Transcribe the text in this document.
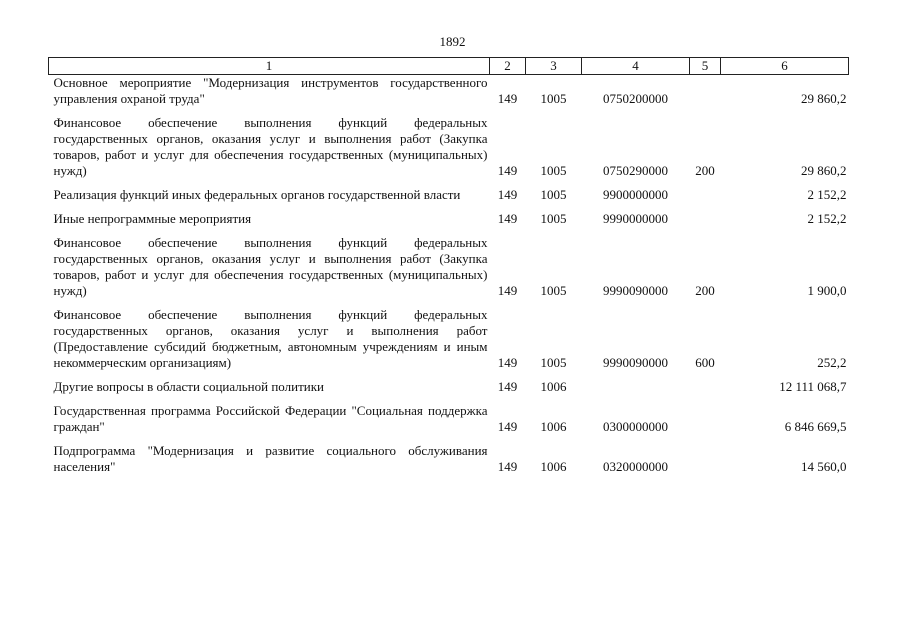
1892
1	2	3	4	5	6
Основное мероприятие "Модернизация инструментов государственного управления охраной труда"	149	1005	0750200000		29 860,2
Финансовое обеспечение выполнения функций федеральных государственных органов, оказания услуг и выполнения работ (Закупка товаров, работ и услуг для обеспечения государственных (муниципальных) нужд)	149	1005	0750290000	200	29 860,2
Реализация функций иных федеральных органов государственной власти	149	1005	9900000000		2 152,2
Иные непрограммные мероприятия	149	1005	9990000000		2 152,2
Финансовое обеспечение выполнения функций федеральных государственных органов, оказания услуг и выполнения работ (Закупка товаров, работ и услуг для обеспечения государственных (муниципальных) нужд)	149	1005	9990090000	200	1 900,0
Финансовое обеспечение выполнения функций федеральных государственных органов, оказания услуг и выполнения работ (Предоставление субсидий бюджетным, автономным учреждениям и иным некоммерческим организациям)	149	1005	9990090000	600	252,2
Другие вопросы в области социальной политики	149	1006			12 111 068,7
Государственная программа Российской Федерации "Социальная поддержка граждан"	149	1006	0300000000		6 846 669,5
Подпрограмма "Модернизация и развитие социального обслуживания населения"	149	1006	0320000000		14 560,0
